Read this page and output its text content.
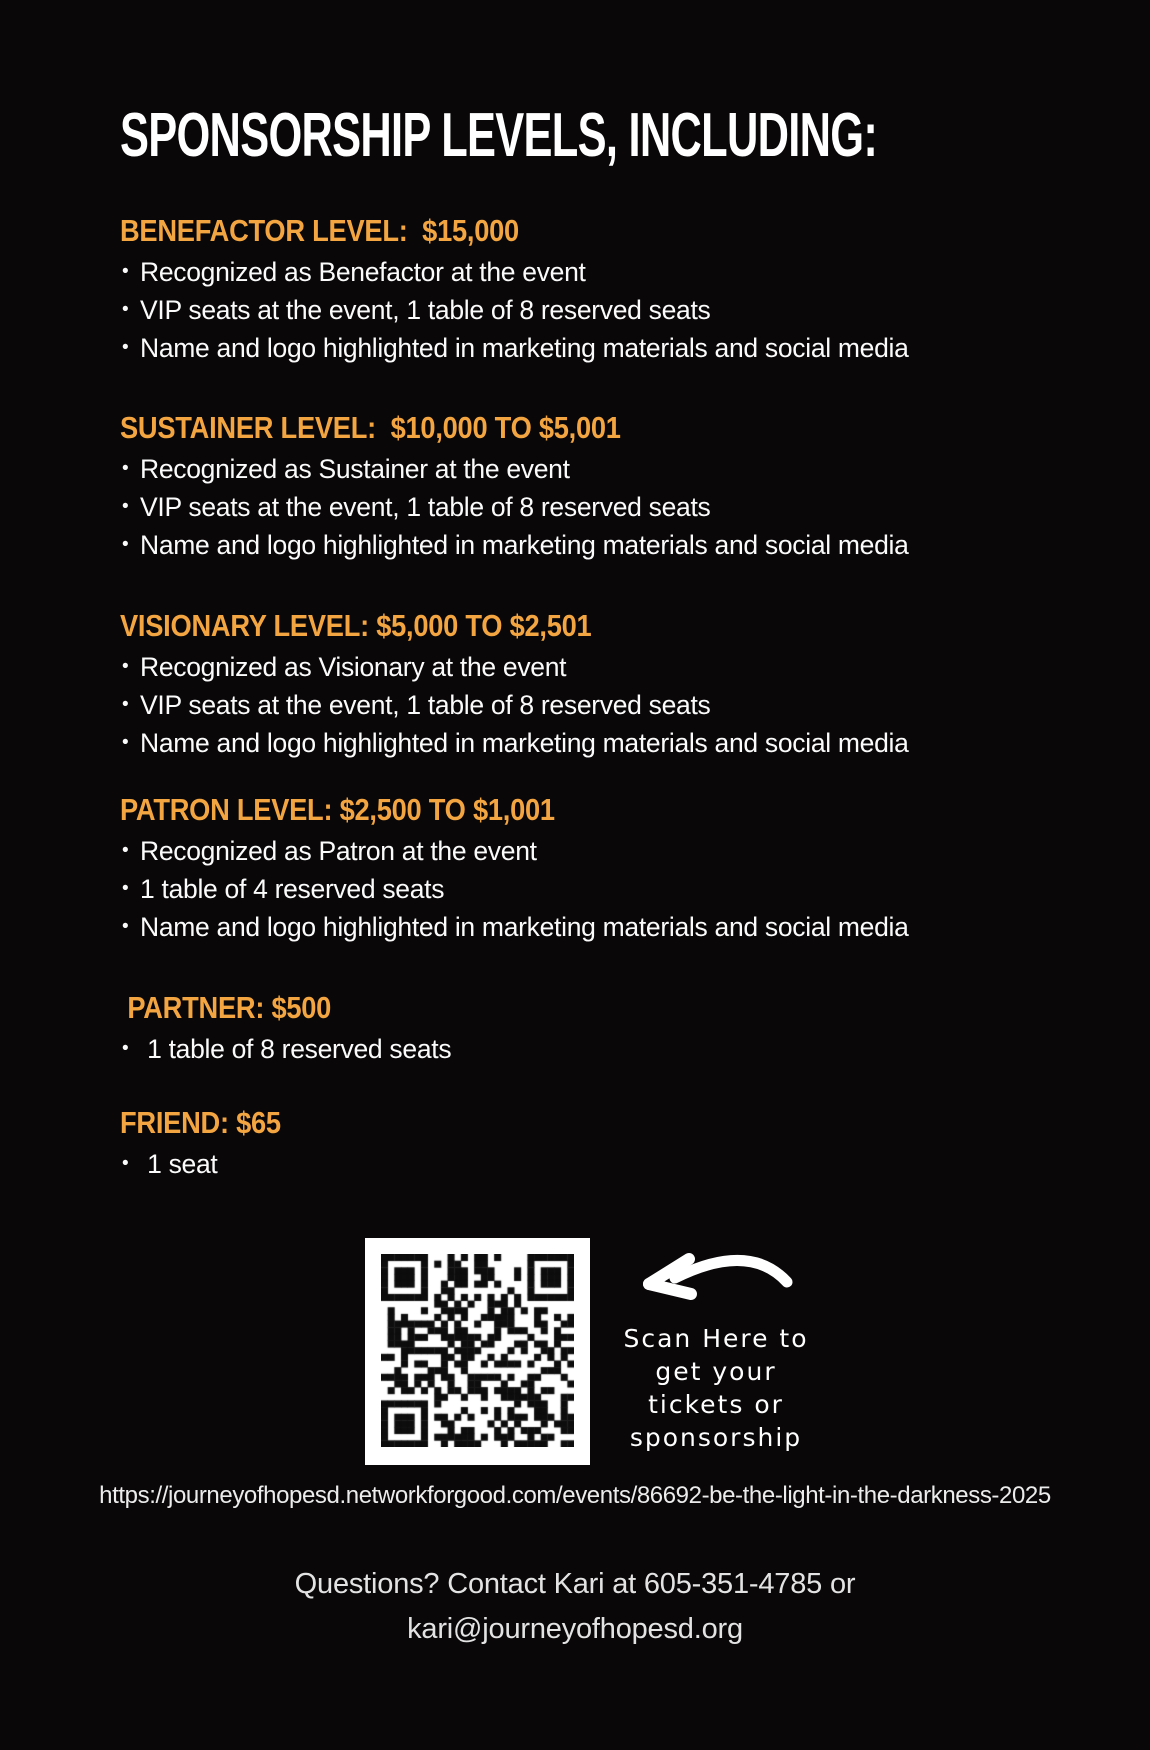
SPONSORSHIP LEVELS, INCLUDING:
BENEFACTOR LEVEL:  $15,000
• Recognized as Benefactor at the event
• VIP seats at the event, 1 table of 8 reserved seats
• Name and logo highlighted in marketing materials and social media
SUSTAINER LEVEL:  $10,000 TO $5,001
• Recognized as Sustainer at the event
• VIP seats at the event, 1 table of 8 reserved seats
• Name and logo highlighted in marketing materials and social media
VISIONARY LEVEL: $5,000 TO $2,501
• Recognized as Visionary at the event
• VIP seats at the event, 1 table of 8 reserved seats
• Name and logo highlighted in marketing materials and social media
PATRON LEVEL: $2,500 TO $1,001
• Recognized as Patron at the event
• 1 table of 4 reserved seats
• Name and logo highlighted in marketing materials and social media
PARTNER: $500
•  1 table of 8 reserved seats
FRIEND: $65
•  1 seat
Scan Here to
get your
tickets or
sponsorship
https://journeyofhopesd.networkforgood.com/events/86692-be-the-light-in-the-darkness-2025
Questions? Contact Kari at 605-351-4785 or
kari@journeyofhopesd.org
